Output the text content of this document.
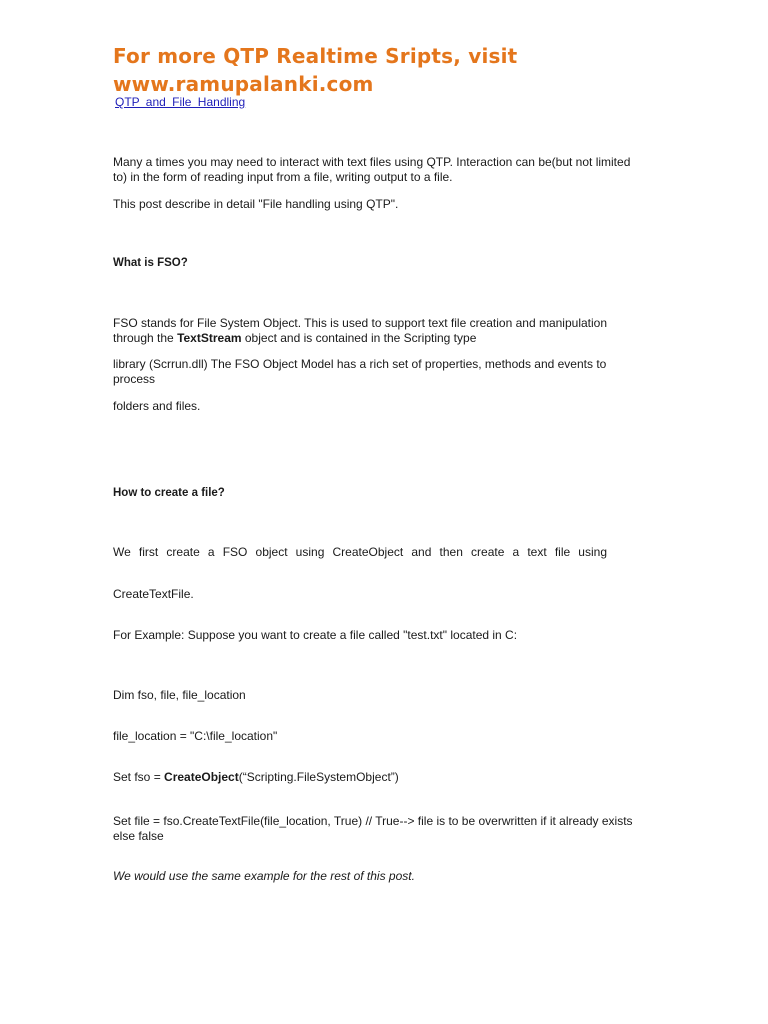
For more QTP Realtime Sripts, visit
www.ramupalanki.com
QTP and File Handling

Many a times you may need to interact with text files using QTP. Interaction can be(but not limited to) in the form of reading input from a file, writing output to a file.

This post describe in detail "File handling using QTP".

What is FSO?

FSO stands for File System Object. This is used to support text file creation and manipulation through the TextStream object and is contained in the Scripting type

library (Scrrun.dll) The FSO Object Model has a rich set of properties, methods and events to process

folders and files.

How to create a file?

We first create a FSO object using CreateObject and then create a text file using

CreateTextFile.

For Example: Suppose you want to create a file called "test.txt" located in C:

Dim fso, file, file_location

file_location = "C:\file_location"

Set fso = CreateObject(“Scripting.FileSystemObject”)

Set file = fso.CreateTextFile(file_location, True) // True--> file is to be overwritten if it already exists else false

We would use the same example for the rest of this post.
